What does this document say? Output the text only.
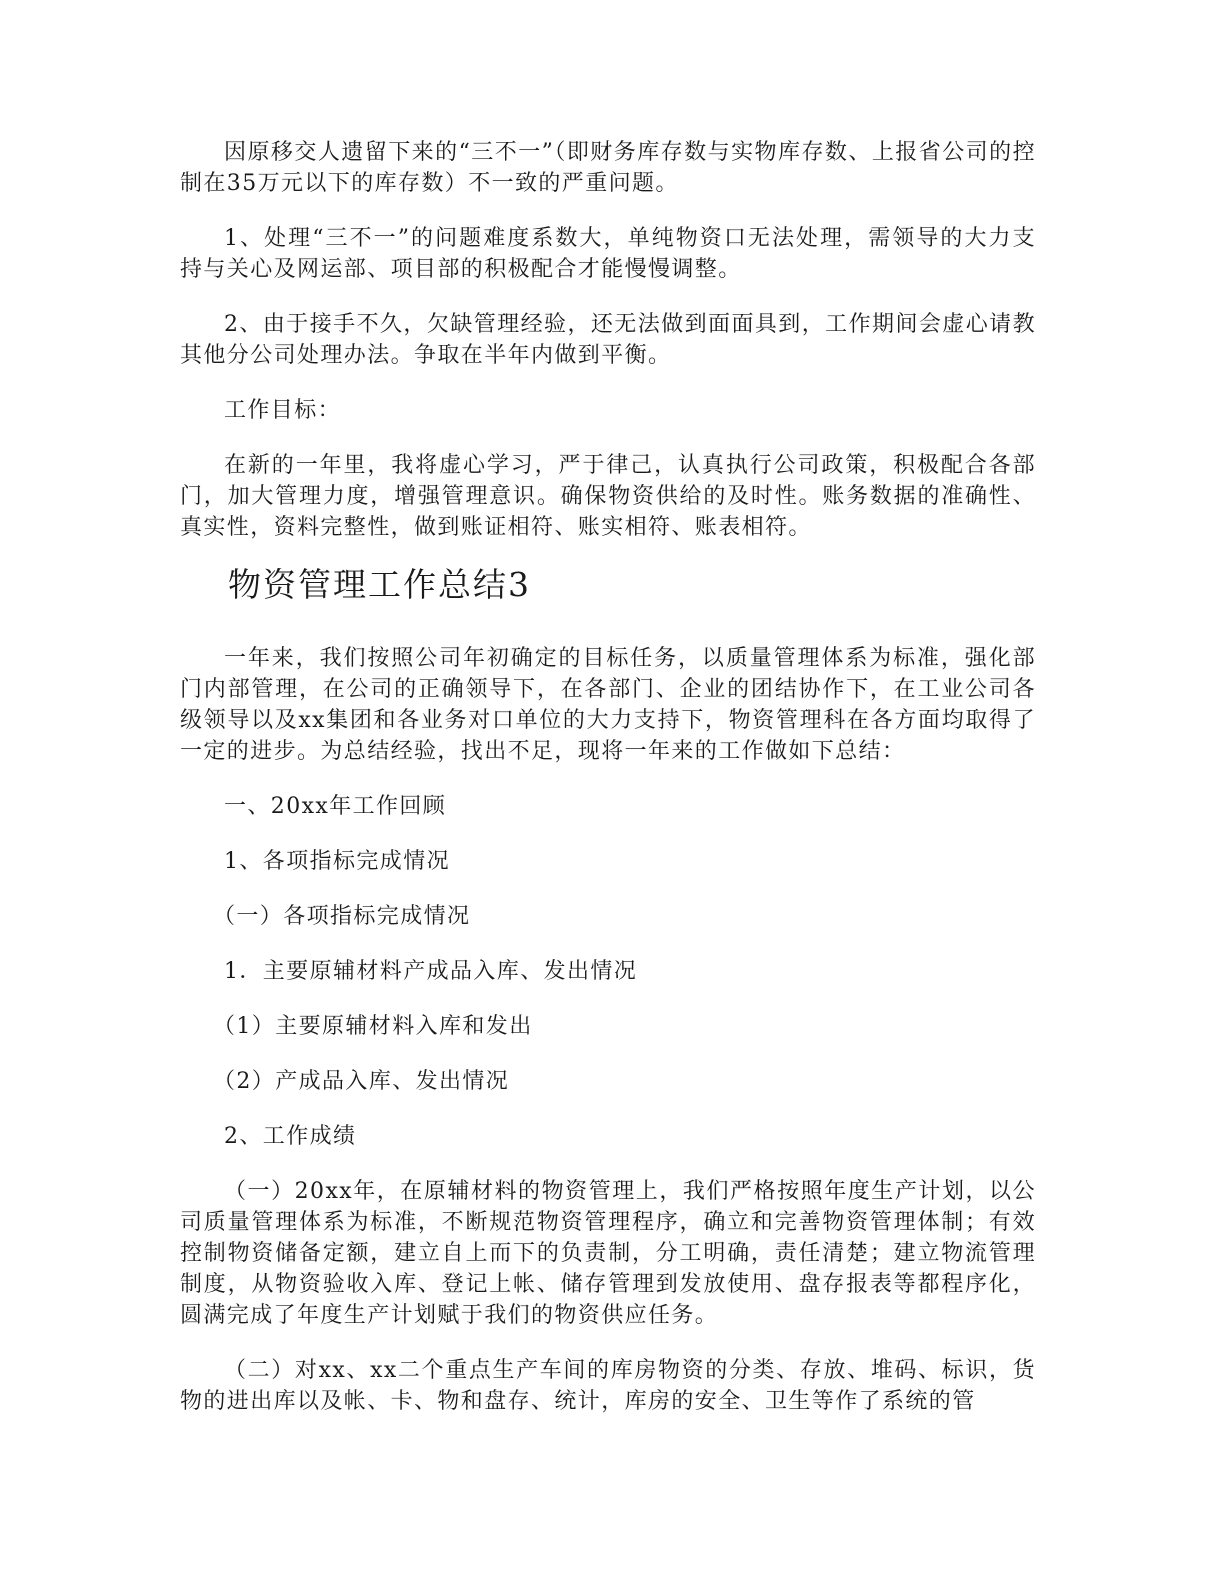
因原移交人遗留下来的“三不一”（即财务库存数与实物库存数、上报省公司的控制在35万元以下的库存数）不一致的严重问题。

1、处理“三不一”的问题难度系数大，单纯物资口无法处理，需领导的大力支持与关心及网运部、项目部的积极配合才能慢慢调整。

2、由于接手不久，欠缺管理经验，还无法做到面面具到，工作期间会虚心请教其他分公司处理办法。争取在半年内做到平衡。

工作目标：

在新的一年里，我将虚心学习，严于律己，认真执行公司政策，积极配合各部门，加大管理力度，增强管理意识。确保物资供给的及时性。账务数据的准确性、真实性，资料完整性，做到账证相符、账实相符、账表相符。

物资管理工作总结3

一年来，我们按照公司年初确定的目标任务，以质量管理体系为标准，强化部门内部管理，在公司的正确领导下，在各部门、企业的团结协作下，在工业公司各级领导以及xx集团和各业务对口单位的大力支持下，物资管理科在各方面均取得了一定的进步。为总结经验，找出不足，现将一年来的工作做如下总结：

一、20xx年工作回顾

1、各项指标完成情况

（一）各项指标完成情况

1．主要原辅材料产成品入库、发出情况

（1）主要原辅材料入库和发出

（2）产成品入库、发出情况

2、工作成绩

（一）20xx年，在原辅材料的物资管理上，我们严格按照年度生产计划，以公司质量管理体系为标准，不断规范物资管理程序，确立和完善物资管理体制；有效控制物资储备定额，建立自上而下的负责制，分工明确，责任清楚；建立物流管理制度，从物资验收入库、登记上帐、储存管理到发放使用、盘存报表等都程序化，圆满完成了年度生产计划赋于我们的物资供应任务。

（二）对xx、xx二个重点生产车间的库房物资的分类、存放、堆码、标识，货物的进出库以及帐、卡、物和盘存、统计，库房的安全、卫生等作了系统的管
